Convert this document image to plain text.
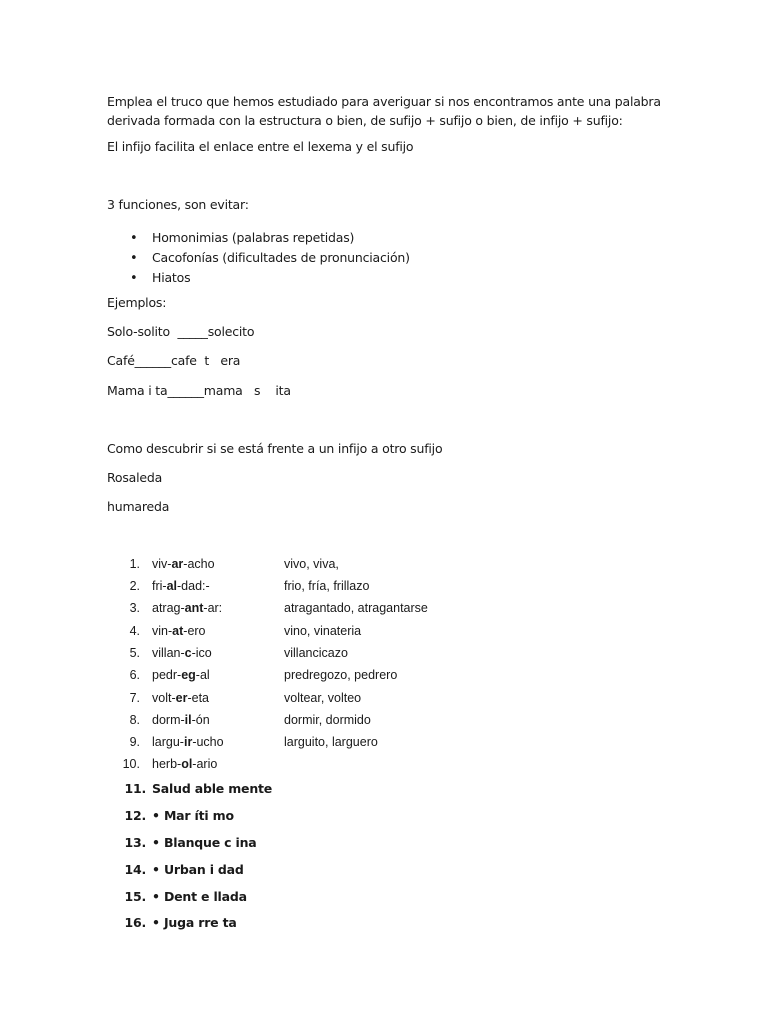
Emplea el truco que hemos estudiado para averiguar si nos encontramos ante una palabra derivada formada con la estructura o bien, de sufijo + sufijo o bien, de infijo + sufijo:
El infijo facilita el enlace entre el lexema y el sufijo
3 funciones, son evitar:
• Homonimias (palabras repetidas)
• Cacofonías (dificultades de pronunciación)
• Hiatos
Ejemplos:
Solo-solito  _____solecito
Café______cafe  t   era
Mama i ta______mama   s    ita
Como descubrir si se está frente a un infijo a otro sufijo
Rosaleda
humareda
1. viv-ar-acho	vivo, viva,
2. fri-al-dad:-	frio, fría, frillazo
3. atrag-ant-ar:	atragantado, atragantarse
4. vin-at-ero	vino, vinateria
5. villan-c-ico	villancicazo
6. pedr-eg-al	predregozo, pedrero
7. volt-er-eta	voltear, volteo
8. dorm-il-ón	dormir, dormido
9. largu-ir-ucho	larguito, larguero
10. herb-ol-ario
11. Salud able mente
12. • Mar íti mo
13. • Blanque c ina
14. • Urban i dad
15. • Dent e llada
16. • Juga rre ta
